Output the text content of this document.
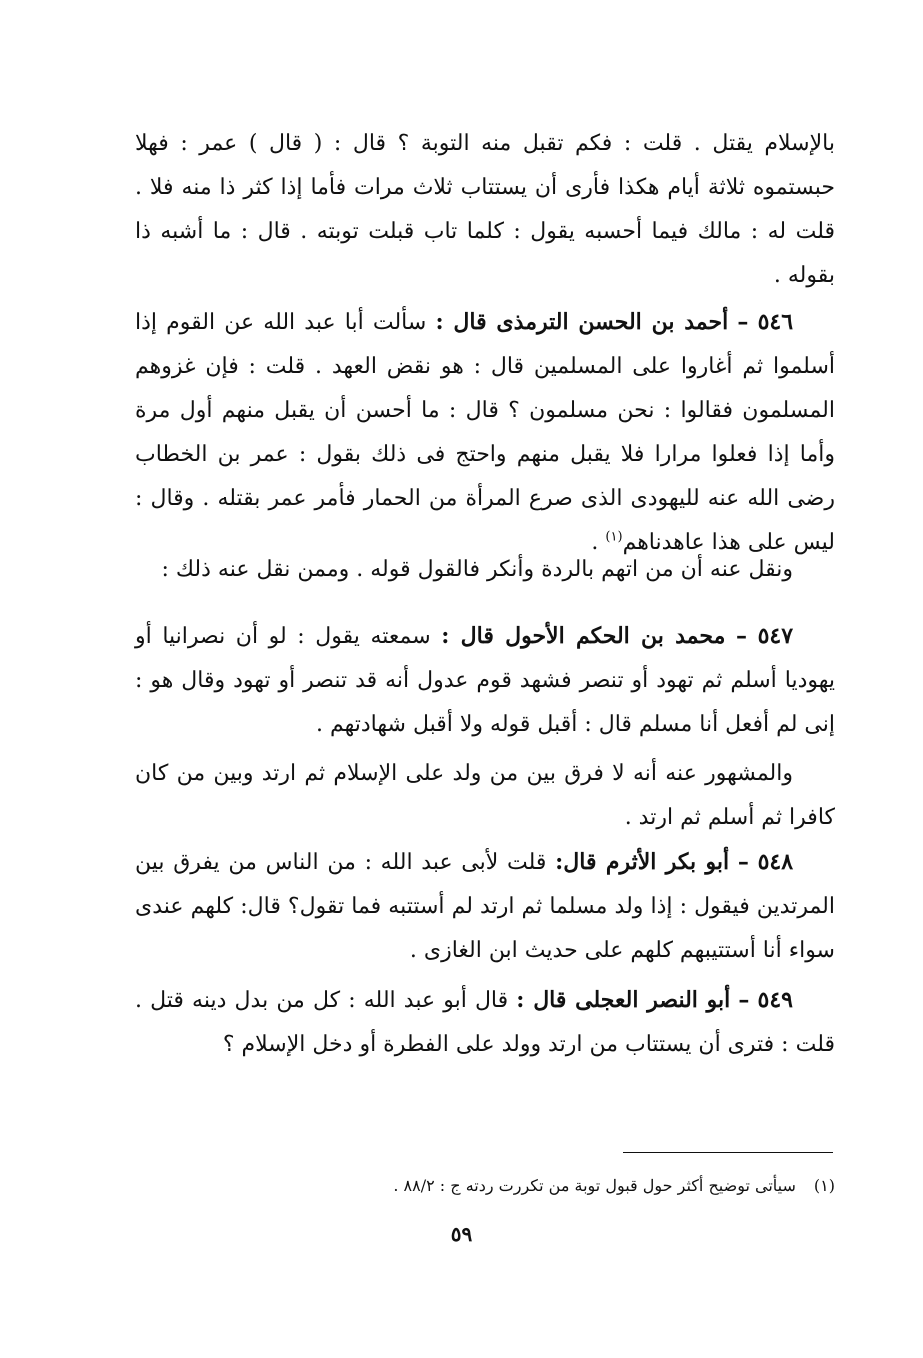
بالإسلام يقتل . قلت : فكم تقبل منه التوبة ؟ قال : ( قال ) عمر : فهلا حبستموه ثلاثة أيام هكذا فأرى أن يستتاب ثلاث مرات فأما إذا كثر ذا منه فلا . قلت له : مالك فيما أحسبه يقول : كلما تاب قبلت توبته . قال : ما أشبه ذا بقوله .

٥٤٦ – أحمد بن الحسن الترمذى قال : سألت أبا عبد الله عن القوم إذا أسلموا ثم أغاروا على المسلمين قال : هو نقض العهد . قلت : فإن غزوهم المسلمون فقالوا : نحن مسلمون ؟ قال : ما أحسن أن يقبل منهم أول مرة وأما إذا فعلوا مرارا فلا يقبل منهم واحتج فى ذلك بقول : عمر بن الخطاب رضى الله عنه لليهودى الذى صرع المرأة من الحمار فأمر عمر بقتله . وقال : ليس على هذا عاهدناهم$^{(١)}$ .

ونقل عنه أن من اتهم بالردة وأنكر فالقول قوله . وممن نقل عنه ذلك :

٥٤٧ – محمد بن الحكم الأحول قال : سمعته يقول : لو أن نصرانيا أو يهوديا أسلم ثم تهود أو تنصر فشهد قوم عدول أنه قد تنصر أو تهود وقال هو : إنى لم أفعل أنا مسلم قال : أقبل قوله ولا أقبل شهادتهم .

والمشهور عنه أنه لا فرق بين من ولد على الإسلام ثم ارتد وبين من كان كافرا ثم أسلم ثم ارتد .

٥٤٨ – أبو بكر الأثرم قال: قلت لأبى عبد الله : من الناس من يفرق بين المرتدين فيقول : إذا ولد مسلما ثم ارتد لم أستتبه فما تقول؟ قال: كلهم عندى سواء أنا أستتيبهم كلهم على حديث ابن الغازى .

٥٤٩ – أبو النصر العجلى قال : قال أبو عبد الله : كل من بدل دينه قتل . قلت : فترى أن يستتاب من ارتد وولد على الفطرة أو دخل الإسلام ؟

(١)سيأتى توضيح أكثر حول قبول توبة من تكررت ردته ج : ٨٨/٢ .

٥٩
